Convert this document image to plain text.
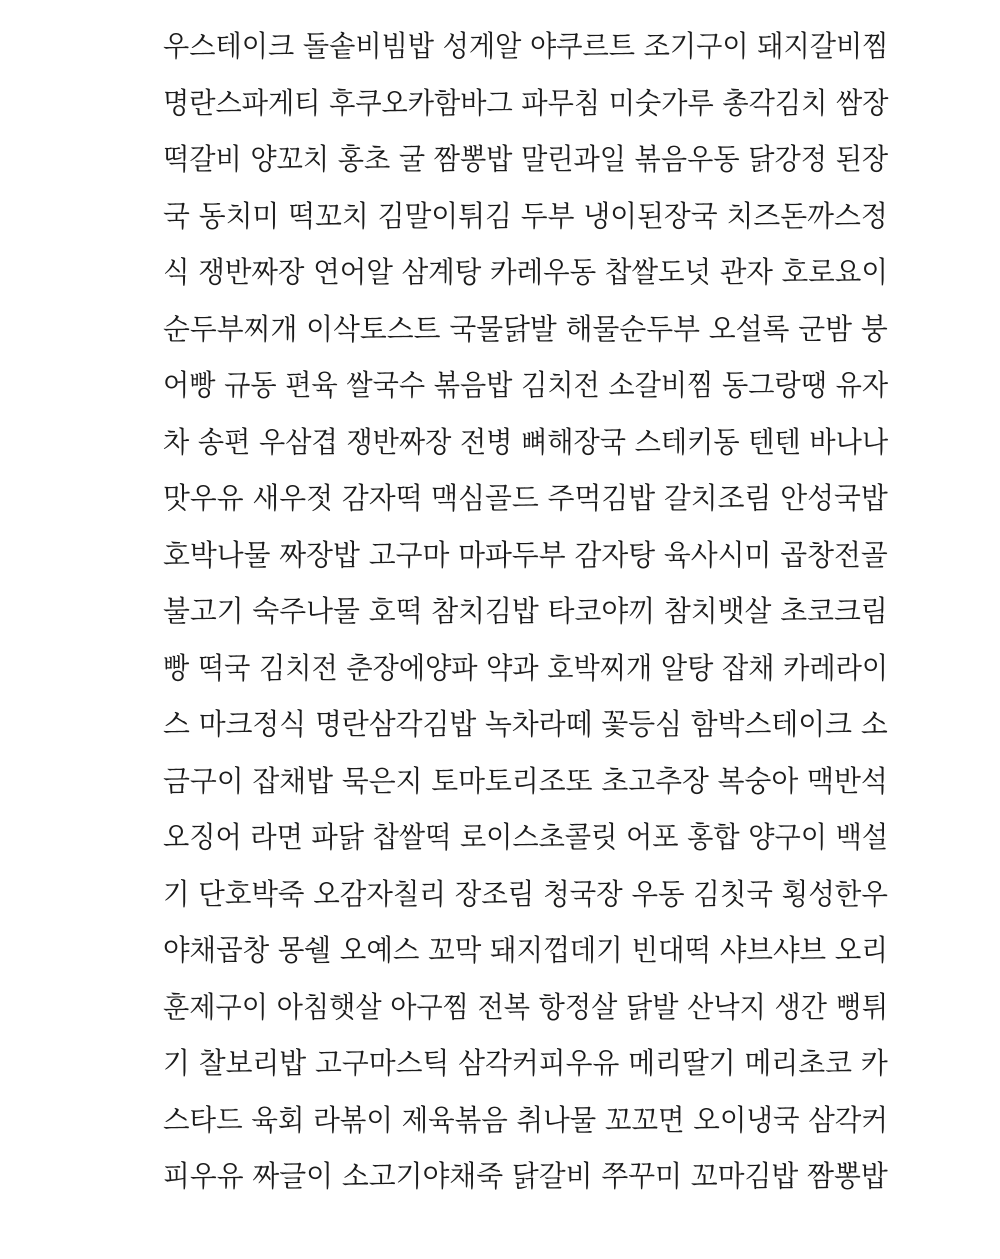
우스테이크 돌솥비빔밥 성게알 야쿠르트 조기구이 돼지갈비찜
명란스파게티 후쿠오카함바그 파무침 미숫가루 총각김치 쌈장
떡갈비 양꼬치 홍초 굴 짬뽕밥 말린과일 볶음우동 닭강정 된장
국 동치미 떡꼬치 김말이튀김 두부 냉이된장국 치즈돈까스정
식 쟁반짜장 연어알 삼계탕 카레우동 찹쌀도넛 관자 호로요이
순두부찌개 이삭토스트 국물닭발 해물순두부 오설록 군밤 붕
어빵 규동 편육 쌀국수 볶음밥 김치전 소갈비찜 동그랑땡 유자
차 송편 우삼겹 쟁반짜장 전병 뼈해장국 스테키동 텐텐 바나나
맛우유 새우젓 감자떡 맥심골드 주먹김밥 갈치조림 안성국밥
호박나물 짜장밥 고구마 마파두부 감자탕 육사시미 곱창전골
불고기 숙주나물 호떡 참치김밥 타코야끼 참치뱃살 초코크림
빵 떡국 김치전 춘장에양파 약과 호박찌개 알탕 잡채 카레라이
스 마크정식 명란삼각김밥 녹차라떼 꽃등심 함박스테이크 소
금구이 잡채밥 묵은지 토마토리조또 초고추장 복숭아 맥반석
오징어 라면 파닭 찹쌀떡 로이스초콜릿 어포 홍합 양구이 백설
기 단호박죽 오감자칠리 장조림 청국장 우동 김칫국 횡성한우
야채곱창 몽쉘 오예스 꼬막 돼지껍데기 빈대떡 샤브샤브 오리
훈제구이 아침햇살 아구찜 전복 항정살 닭발 산낙지 생간 뻥튀
기 찰보리밥 고구마스틱 삼각커피우유 메리딸기 메리초코 카
스타드 육회 라볶이 제육볶음 취나물 꼬꼬면 오이냉국 삼각커
피우유 짜글이 소고기야채죽 닭갈비 쭈꾸미 꼬마김밥 짬뽕밥
